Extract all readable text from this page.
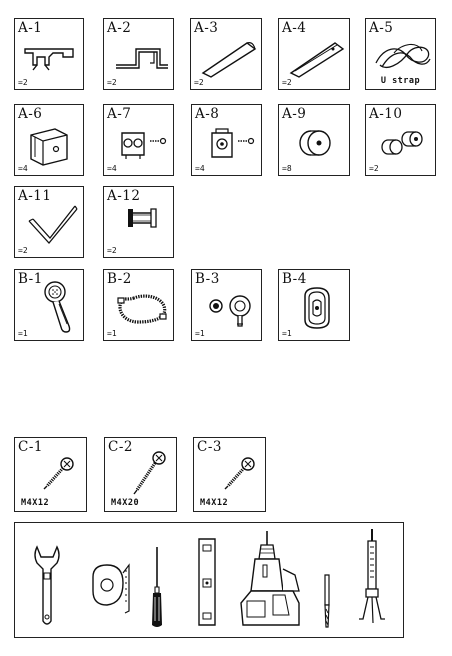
A-1
=2
A-2
=2
A-3
=2
A-4
=2
A-5
U strap
A-6
=4
A-7
=4
A-8
=4
A-9
=8
A-10
=2
A-11
=2
A-12
=2
B-1
=1
B-2
=1
B-3
=1
B-4
=1
C-1
M4X12
C-2
M4X20
C-3
M4X12
